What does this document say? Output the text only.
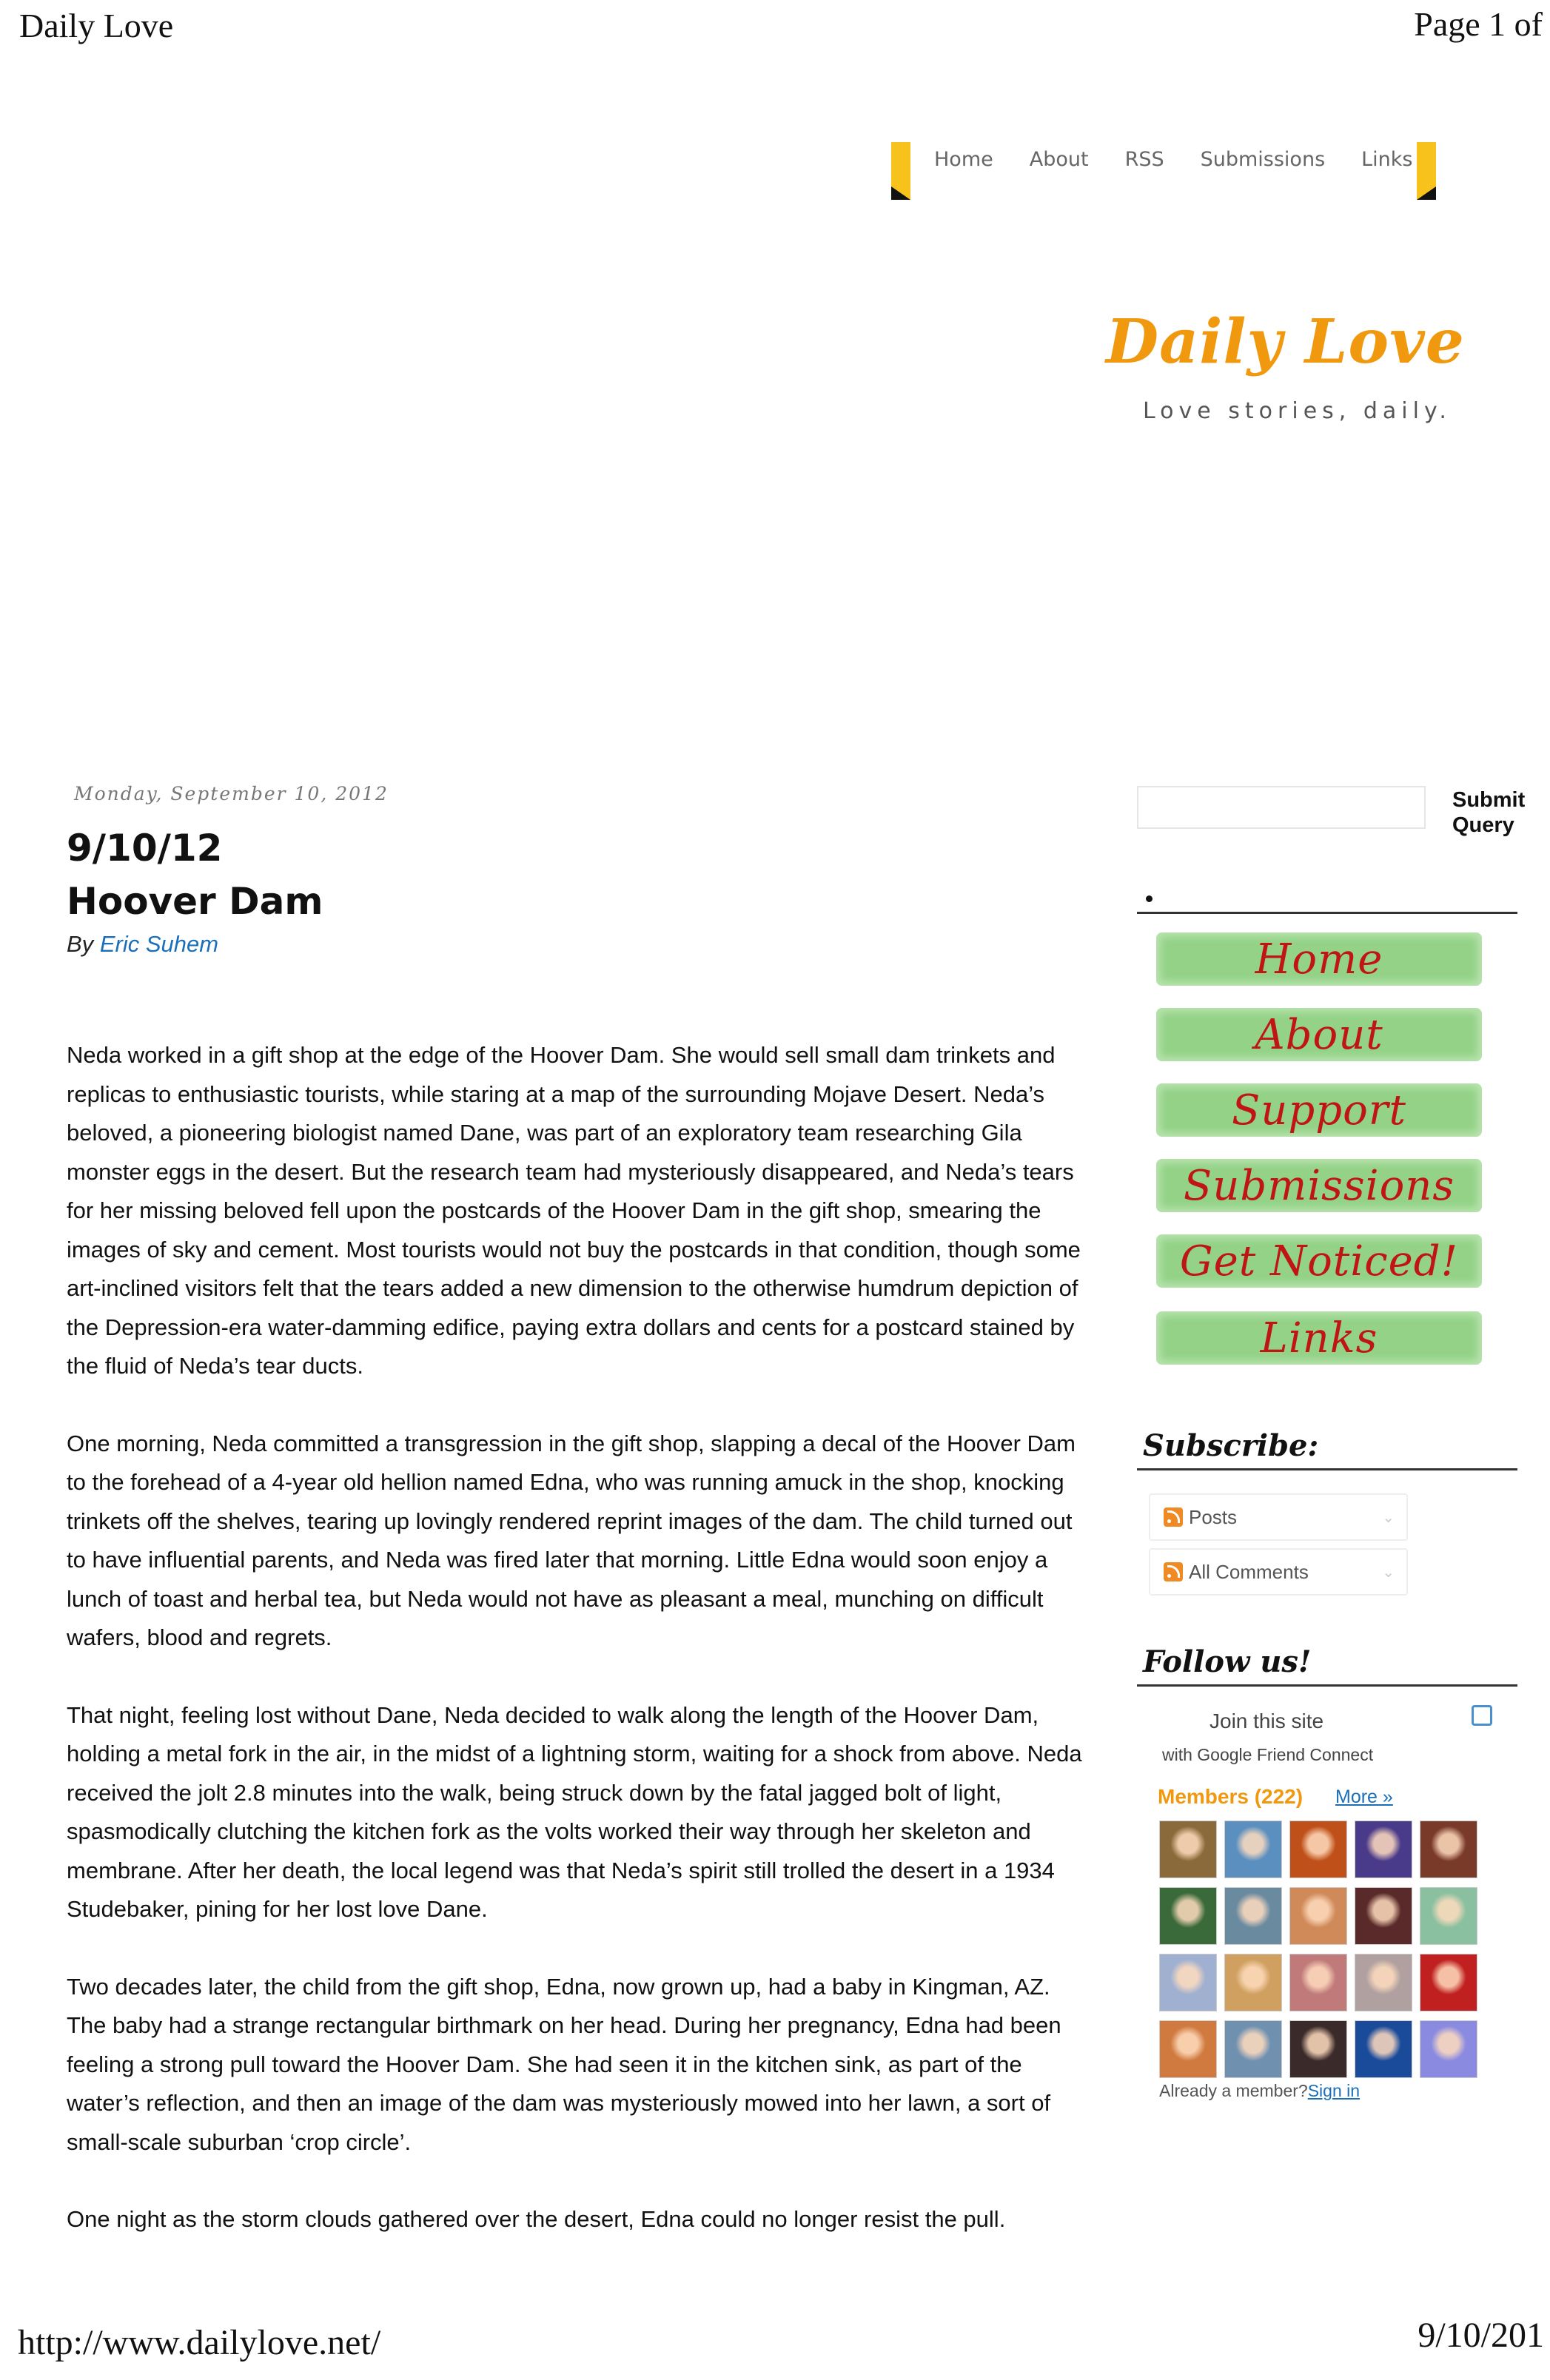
Daily Love	Page 1 of
Home About RSS Submissions Links
Daily Love
Love stories, daily.
Monday, September 10, 2012
9/10/12
Hoover Dam
By Eric Suhem

Neda worked in a gift shop at the edge of the Hoover Dam. She would sell small dam trinkets and replicas to enthusiastic tourists, while staring at a map of the surrounding Mojave Desert. Neda’s beloved, a pioneering biologist named Dane, was part of an exploratory team researching Gila monster eggs in the desert. But the research team had mysteriously disappeared, and Neda’s tears for her missing beloved fell upon the postcards of the Hoover Dam in the gift shop, smearing the images of sky and cement. Most tourists would not buy the postcards in that condition, though some art-inclined visitors felt that the tears added a new dimension to the otherwise humdrum depiction of the Depression-era water-damming edifice, paying extra dollars and cents for a postcard stained by the fluid of Neda’s tear ducts.

One morning, Neda committed a transgression in the gift shop, slapping a decal of the Hoover Dam to the forehead of a 4-year old hellion named Edna, who was running amuck in the shop, knocking trinkets off the shelves, tearing up lovingly rendered reprint images of the dam. The child turned out to have influential parents, and Neda was fired later that morning. Little Edna would soon enjoy a lunch of toast and herbal tea, but Neda would not have as pleasant a meal, munching on difficult wafers, blood and regrets.

That night, feeling lost without Dane, Neda decided to walk along the length of the Hoover Dam, holding a metal fork in the air, in the midst of a lightning storm, waiting for a shock from above. Neda received the jolt 2.8 minutes into the walk, being struck down by the fatal jagged bolt of light, spasmodically clutching the kitchen fork as the volts worked their way through her skeleton and membrane. After her death, the local legend was that Neda’s spirit still trolled the desert in a 1934 Studebaker, pining for her lost love Dane.

Two decades later, the child from the gift shop, Edna, now grown up, had a baby in Kingman, AZ. The baby had a strange rectangular birthmark on her head. During her pregnancy, Edna had been feeling a strong pull toward the Hoover Dam. She had seen it in the kitchen sink, as part of the water’s reflection, and then an image of the dam was mysteriously mowed into her lawn, a sort of small-scale suburban ‘crop circle’.

One night as the storm clouds gathered over the desert, Edna could no longer resist the pull.

Submit Query
Home
About
Support
Submissions
Get Noticed!
Links
Subscribe:
Posts	⌄
All Comments	⌄
Follow us!
Join this site
with Google Friend Connect
Members (222) More »
Already a member?Sign in
http://www.dailylove.net/	9/10/201
